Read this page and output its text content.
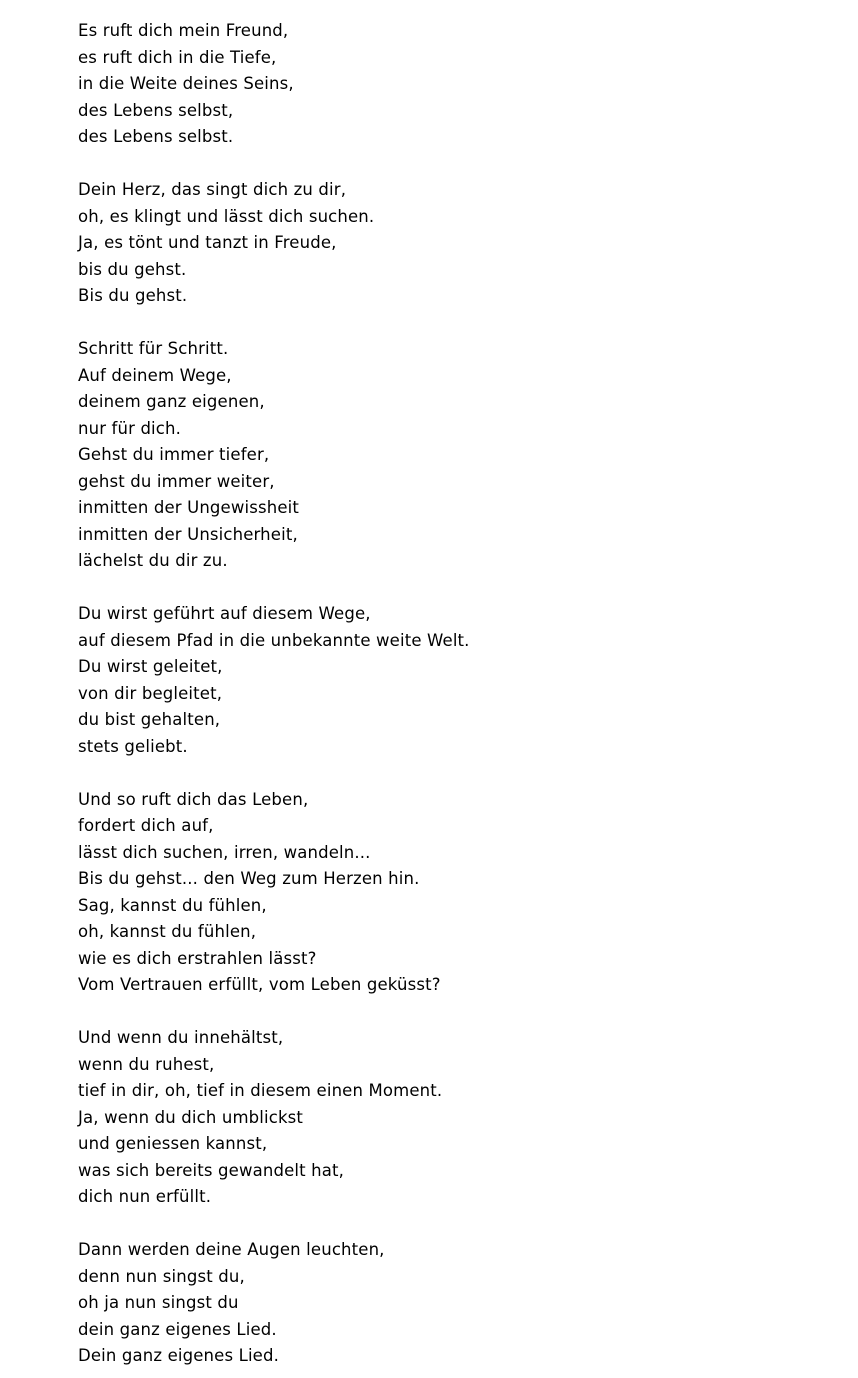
Es ruft dich mein Freund,
es ruft dich in die Tiefe,
in die Weite deines Seins,
des Lebens selbst,
des Lebens selbst.

Dein Herz, das singt dich zu dir,
oh, es klingt und lässt dich suchen.
Ja, es tönt und tanzt in Freude,
bis du gehst.
Bis du gehst.

Schritt für Schritt.
Auf deinem Wege,
deinem ganz eigenen,
nur für dich.
Gehst du immer tiefer,
gehst du immer weiter,
inmitten der Ungewissheit
inmitten der Unsicherheit,
lächelst du dir zu.

Du wirst geführt auf diesem Wege,
auf diesem Pfad in die unbekannte weite Welt.
Du wirst geleitet,
von dir begleitet,
du bist gehalten,
stets geliebt.

Und so ruft dich das Leben,
fordert dich auf,
lässt dich suchen, irren, wandeln...
Bis du gehst... den Weg zum Herzen hin.
Sag, kannst du fühlen,
oh, kannst du fühlen,
wie es dich erstrahlen lässt?
Vom Vertrauen erfüllt, vom Leben geküsst?

Und wenn du innehältst,
wenn du ruhest,
tief in dir, oh, tief in diesem einen Moment.
Ja, wenn du dich umblickst
und geniessen kannst,
was sich bereits gewandelt hat,
dich nun erfüllt.

Dann werden deine Augen leuchten,
denn nun singst du,
oh ja nun singst du
dein ganz eigenes Lied.
Dein ganz eigenes Lied.
